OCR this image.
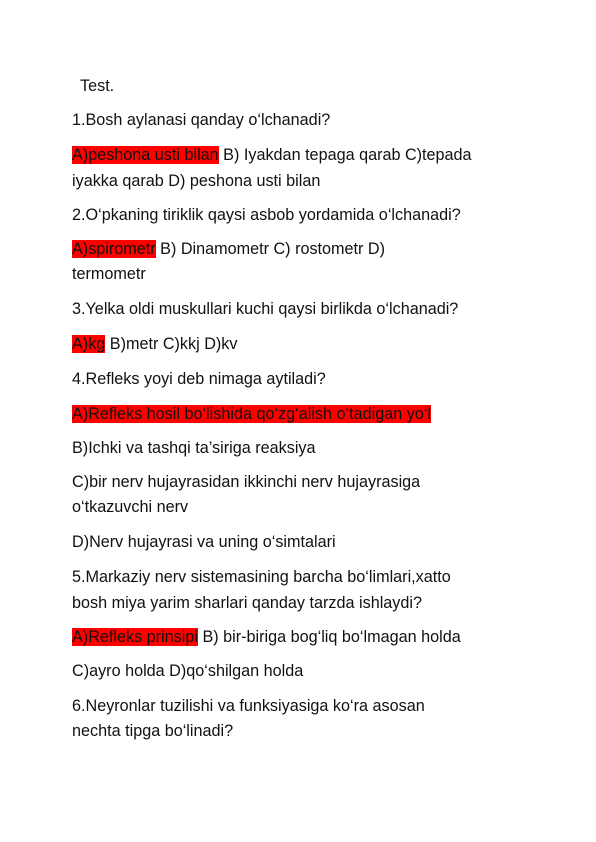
Test.
1.Bosh aylanasi qanday o‘lchanadi?
A)peshona usti bilan B) Iyakdan tepaga qarab C)tepada
iyakka qarab D) peshona usti bilan
2.O‘pkaning tiriklik qaysi asbob yordamida o‘lchanadi?
A)spirometr B) Dinamometr C) rostometr D)
termometr
3.Yelka oldi muskullari kuchi qaysi birlikda o‘lchanadi?
A)kg B)metr C)kkj D)kv
4.Refleks yoyi deb nimaga aytiladi?
A)Refleks hosil bo‘lishida qo‘zg‘alish o‘tadigan yo‘l
B)Ichki va tashqi ta’siriga reaksiya
C)bir nerv hujayrasidan ikkinchi nerv hujayrasiga
o‘tkazuvchi nerv
D)Nerv hujayrasi va uning o‘simtalari
5.Markaziy nerv sistemasining barcha bo‘limlari,xatto
bosh miya yarim sharlari qanday tarzda ishlaydi?
A)Refleks prinsipi B) bir-biriga bog‘liq bo‘lmagan holda
C)ayro holda D)qo‘shilgan holda
6.Neyronlar tuzilishi va funksiyasiga ko‘ra asosan
nechta tipga bo‘linadi?
